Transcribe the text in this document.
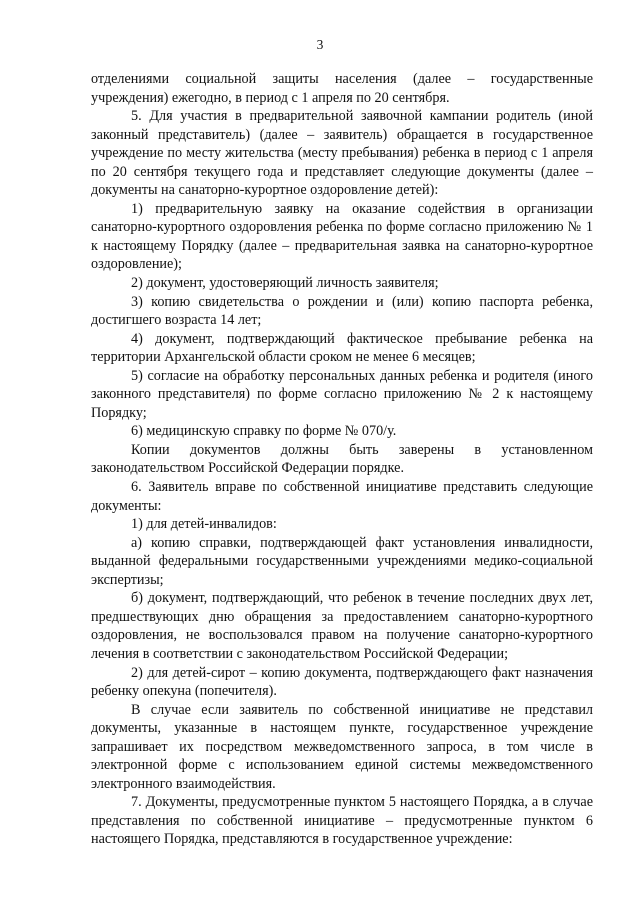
3

отделениями социальной защиты населения (далее – государственные учреждения) ежегодно, в период с 1 апреля по 20 сентября.

5. Для участия в предварительной заявочной кампании родитель (иной законный представитель) (далее – заявитель) обращается в государственное учреждение по месту жительства (месту пребывания) ребенка в период с 1 апреля по 20 сентября текущего года и представляет следующие документы (далее – документы на санаторно-курортное оздоровление детей):

1) предварительную заявку на оказание содействия в организации санаторно-курортного оздоровления ребенка по форме согласно приложению № 1 к настоящему Порядку (далее – предварительная заявка на санаторно-курортное оздоровление);

2) документ, удостоверяющий личность заявителя;

3) копию свидетельства о рождении и (или) копию паспорта ребенка, достигшего возраста 14 лет;

4) документ, подтверждающий фактическое пребывание ребенка на территории Архангельской области сроком не менее 6 месяцев;

5) согласие на обработку персональных данных ребенка и родителя (иного законного представителя) по форме согласно приложению № 2 к настоящему Порядку;

6) медицинскую справку по форме № 070/у.

Копии документов должны быть заверены в установленном законодательством Российской Федерации порядке.

6. Заявитель вправе по собственной инициативе представить следующие документы:

1) для детей-инвалидов:

а) копию справки, подтверждающей факт установления инвалидности, выданной федеральными государственными учреждениями медико-социальной экспертизы;

б) документ, подтверждающий, что ребенок в течение последних двух лет, предшествующих дню обращения за предоставлением санаторно-курортного оздоровления, не воспользовался правом на получение санаторно-курортного лечения в соответствии с законодательством Российской Федерации;

2) для детей-сирот – копию документа, подтверждающего факт назначения ребенку опекуна (попечителя).

В случае если заявитель по собственной инициативе не представил документы, указанные в настоящем пункте, государственное учреждение запрашивает их посредством межведомственного запроса, в том числе в электронной форме с использованием единой системы межведомственного электронного взаимодействия.

7. Документы, предусмотренные пунктом 5 настоящего Порядка, а в случае представления по собственной инициативе – предусмотренные пунктом 6 настоящего Порядка, представляются в государственное учреждение:
